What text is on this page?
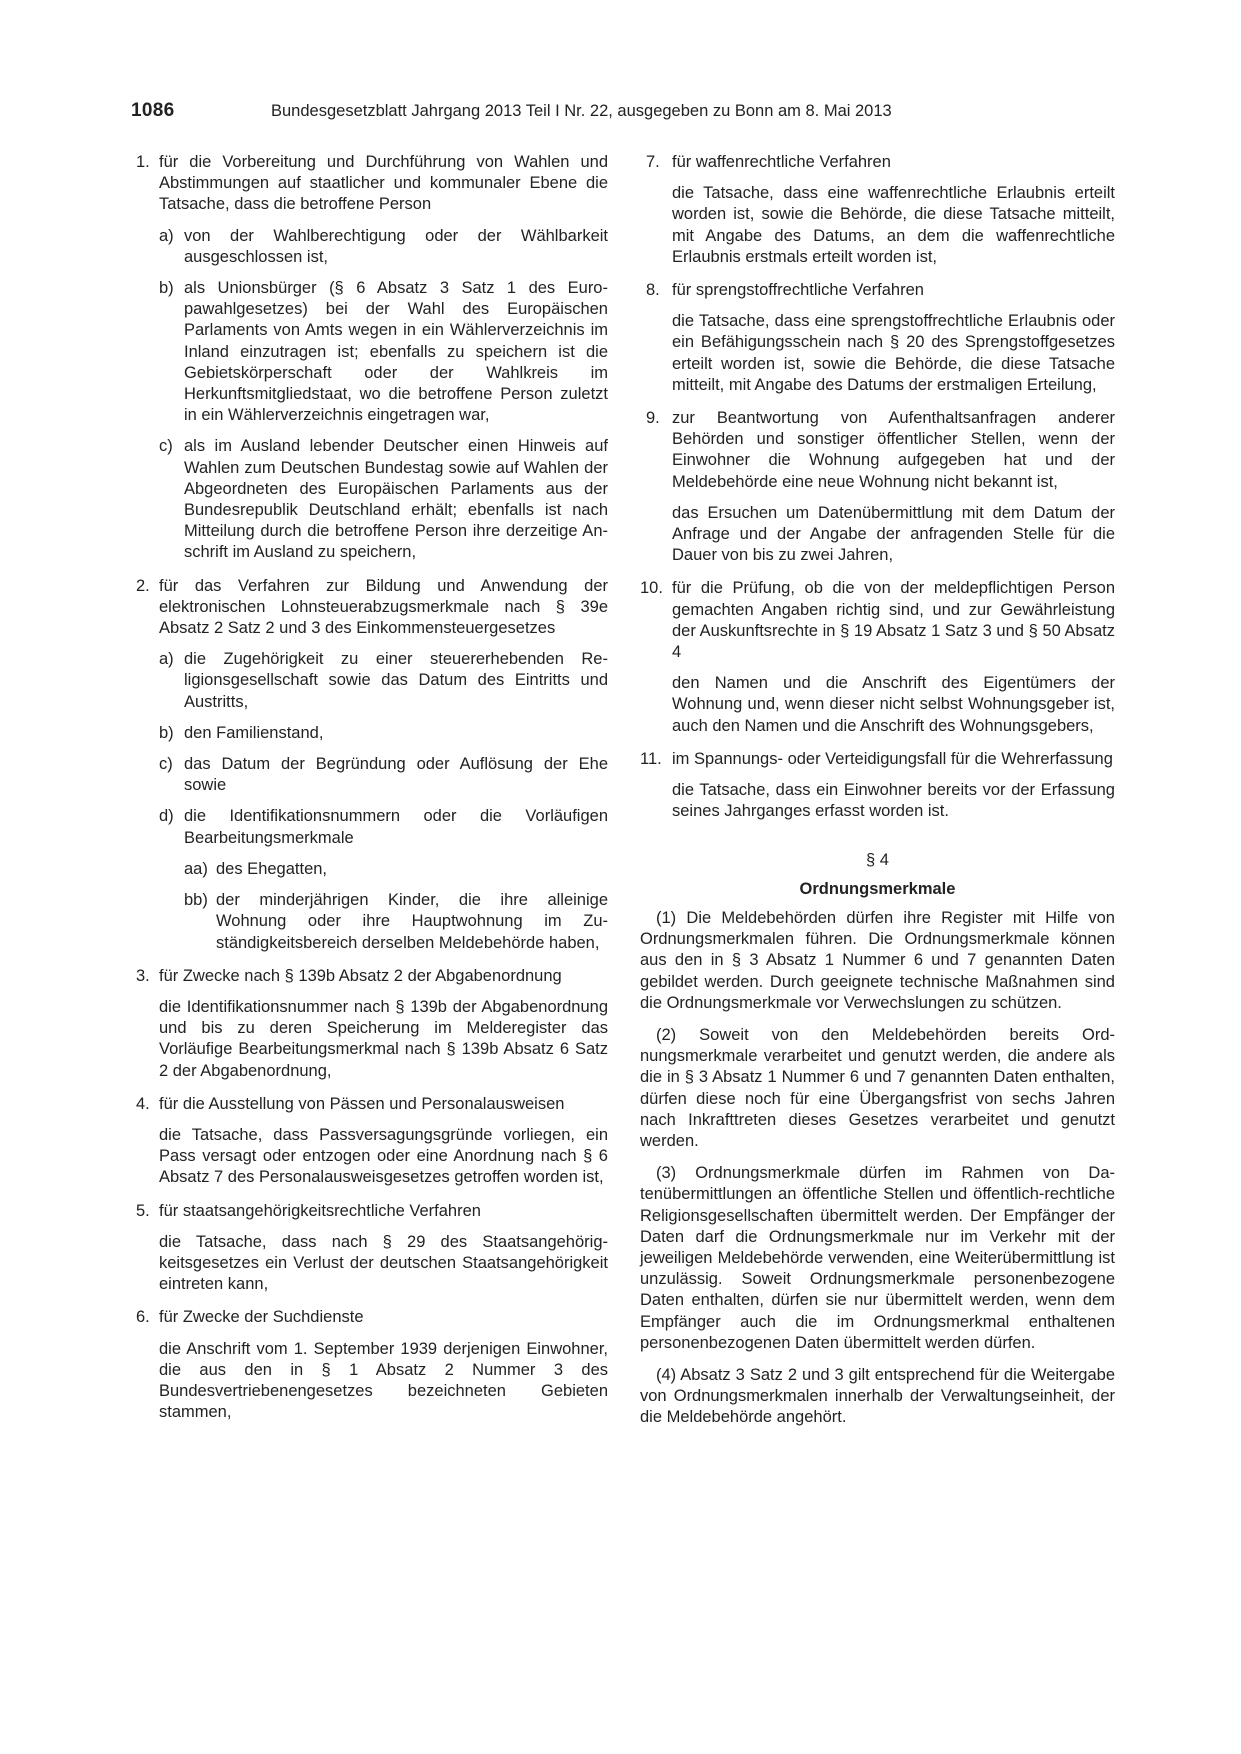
1086	Bundesgesetzblatt Jahrgang 2013 Teil I Nr. 22, ausgegeben zu Bonn am 8. Mai 2013
1. für die Vorbereitung und Durchführung von Wahlen und Abstimmungen auf staatlicher und kommunaler Ebene die Tatsache, dass die betroffene Person
a) von der Wahlberechtigung oder der Wählbarkeit ausgeschlossen ist,
b) als Unionsbürger (§ 6 Absatz 3 Satz 1 des Europawahlgesetzes) bei der Wahl des Europäischen Parlaments von Amts wegen in ein Wählerverzeichnis im Inland einzutragen ist; ebenfalls zu speichern ist die Gebietskörperschaft oder der Wahlkreis im Herkunftsmitgliedstaat, wo die betroffene Person zuletzt in ein Wählerverzeichnis eingetragen war,
c) als im Ausland lebender Deutscher einen Hinweis auf Wahlen zum Deutschen Bundestag sowie auf Wahlen der Abgeordneten des Europäischen Parlaments aus der Bundesrepublik Deutschland erhält; ebenfalls ist nach Mitteilung durch die betroffene Person ihre derzeitige Anschrift im Ausland zu speichern,
2. für das Verfahren zur Bildung und Anwendung der elektronischen Lohnsteuerabzugsmerkmale nach § 39e Absatz 2 Satz 2 und 3 des Einkommensteuergesetzes
a) die Zugehörigkeit zu einer steuererhebenden Religionsgesellschaft sowie das Datum des Eintritts und Austritts,
b) den Familienstand,
c) das Datum der Begründung oder Auflösung der Ehe sowie
d) die Identifikationsnummern oder die Vorläufigen Bearbeitungsmerkmale
aa) des Ehegatten,
bb) der minderjährigen Kinder, die ihre alleinige Wohnung oder ihre Hauptwohnung im Zuständigkeitsbereich derselben Meldebehörde haben,
3. für Zwecke nach § 139b Absatz 2 der Abgabenordnung
die Identifikationsnummer nach § 139b der Abgabenordnung und bis zu deren Speicherung im Melderegister das Vorläufige Bearbeitungsmerkmal nach § 139b Absatz 6 Satz 2 der Abgabenordnung,
4. für die Ausstellung von Pässen und Personalausweisen
die Tatsache, dass Passversagungsgründe vorliegen, ein Pass versagt oder entzogen oder eine Anordnung nach § 6 Absatz 7 des Personalausweisgesetzes getroffen worden ist,
5. für staatsangehörigkeitsrechtliche Verfahren
die Tatsache, dass nach § 29 des Staatsangehörigkeitsgesetzes ein Verlust der deutschen Staatsangehörigkeit eintreten kann,
6. für Zwecke der Suchdienste
die Anschrift vom 1. September 1939 derjenigen Einwohner, die aus den in § 1 Absatz 2 Nummer 3 des Bundesvertriebenengesetzes bezeichneten Gebieten stammen,
7. für waffenrechtliche Verfahren
die Tatsache, dass eine waffenrechtliche Erlaubnis erteilt worden ist, sowie die Behörde, die diese Tatsache mitteilt, mit Angabe des Datums, an dem die waffenrechtliche Erlaubnis erstmals erteilt worden ist,
8. für sprengstoffrechtliche Verfahren
die Tatsache, dass eine sprengstoffrechtliche Erlaubnis oder ein Befähigungsschein nach § 20 des Sprengstoffgesetzes erteilt worden ist, sowie die Behörde, die diese Tatsache mitteilt, mit Angabe des Datums der erstmaligen Erteilung,
9. zur Beantwortung von Aufenthaltsanfragen anderer Behörden und sonstiger öffentlicher Stellen, wenn der Einwohner die Wohnung aufgegeben hat und der Meldebehörde eine neue Wohnung nicht bekannt ist,
das Ersuchen um Datenübermittlung mit dem Datum der Anfrage und der Angabe der anfragenden Stelle für die Dauer von bis zu zwei Jahren,
10. für die Prüfung, ob die von der meldepflichtigen Person gemachten Angaben richtig sind, und zur Gewährleistung der Auskunftsrechte in § 19 Absatz 1 Satz 3 und § 50 Absatz 4
den Namen und die Anschrift des Eigentümers der Wohnung und, wenn dieser nicht selbst Wohnungsgeber ist, auch den Namen und die Anschrift des Wohnungsgebers,
11. im Spannungs- oder Verteidigungsfall für die Wehrerfassung
die Tatsache, dass ein Einwohner bereits vor der Erfassung seines Jahrganges erfasst worden ist.
§ 4
Ordnungsmerkmale

(1) Die Meldebehörden dürfen ihre Register mit Hilfe von Ordnungsmerkmalen führen. Die Ordnungsmerkmale können aus den in § 3 Absatz 1 Nummer 6 und 7 genannten Daten gebildet werden. Durch geeignete technische Maßnahmen sind die Ordnungsmerkmale vor Verwechslungen zu schützen.

(2) Soweit von den Meldebehörden bereits Ordnungsmerkmale verarbeitet und genutzt werden, die andere als die in § 3 Absatz 1 Nummer 6 und 7 genannten Daten enthalten, dürfen diese noch für eine Übergangsfrist von sechs Jahren nach Inkrafttreten dieses Gesetzes verarbeitet und genutzt werden.

(3) Ordnungsmerkmale dürfen im Rahmen von Datenübermittlungen an öffentliche Stellen und öffentlich-rechtliche Religionsgesellschaften übermittelt werden. Der Empfänger der Daten darf die Ordnungsmerkmale nur im Verkehr mit der jeweiligen Meldebehörde verwenden, eine Weiterübermittlung ist unzulässig. Soweit Ordnungsmerkmale personenbezogene Daten enthalten, dürfen sie nur übermittelt werden, wenn dem Empfänger auch die im Ordnungsmerkmal enthaltenen personenbezogenen Daten übermittelt werden dürfen.

(4) Absatz 3 Satz 2 und 3 gilt entsprechend für die Weitergabe von Ordnungsmerkmalen innerhalb der Verwaltungseinheit, der die Meldebehörde angehört.
